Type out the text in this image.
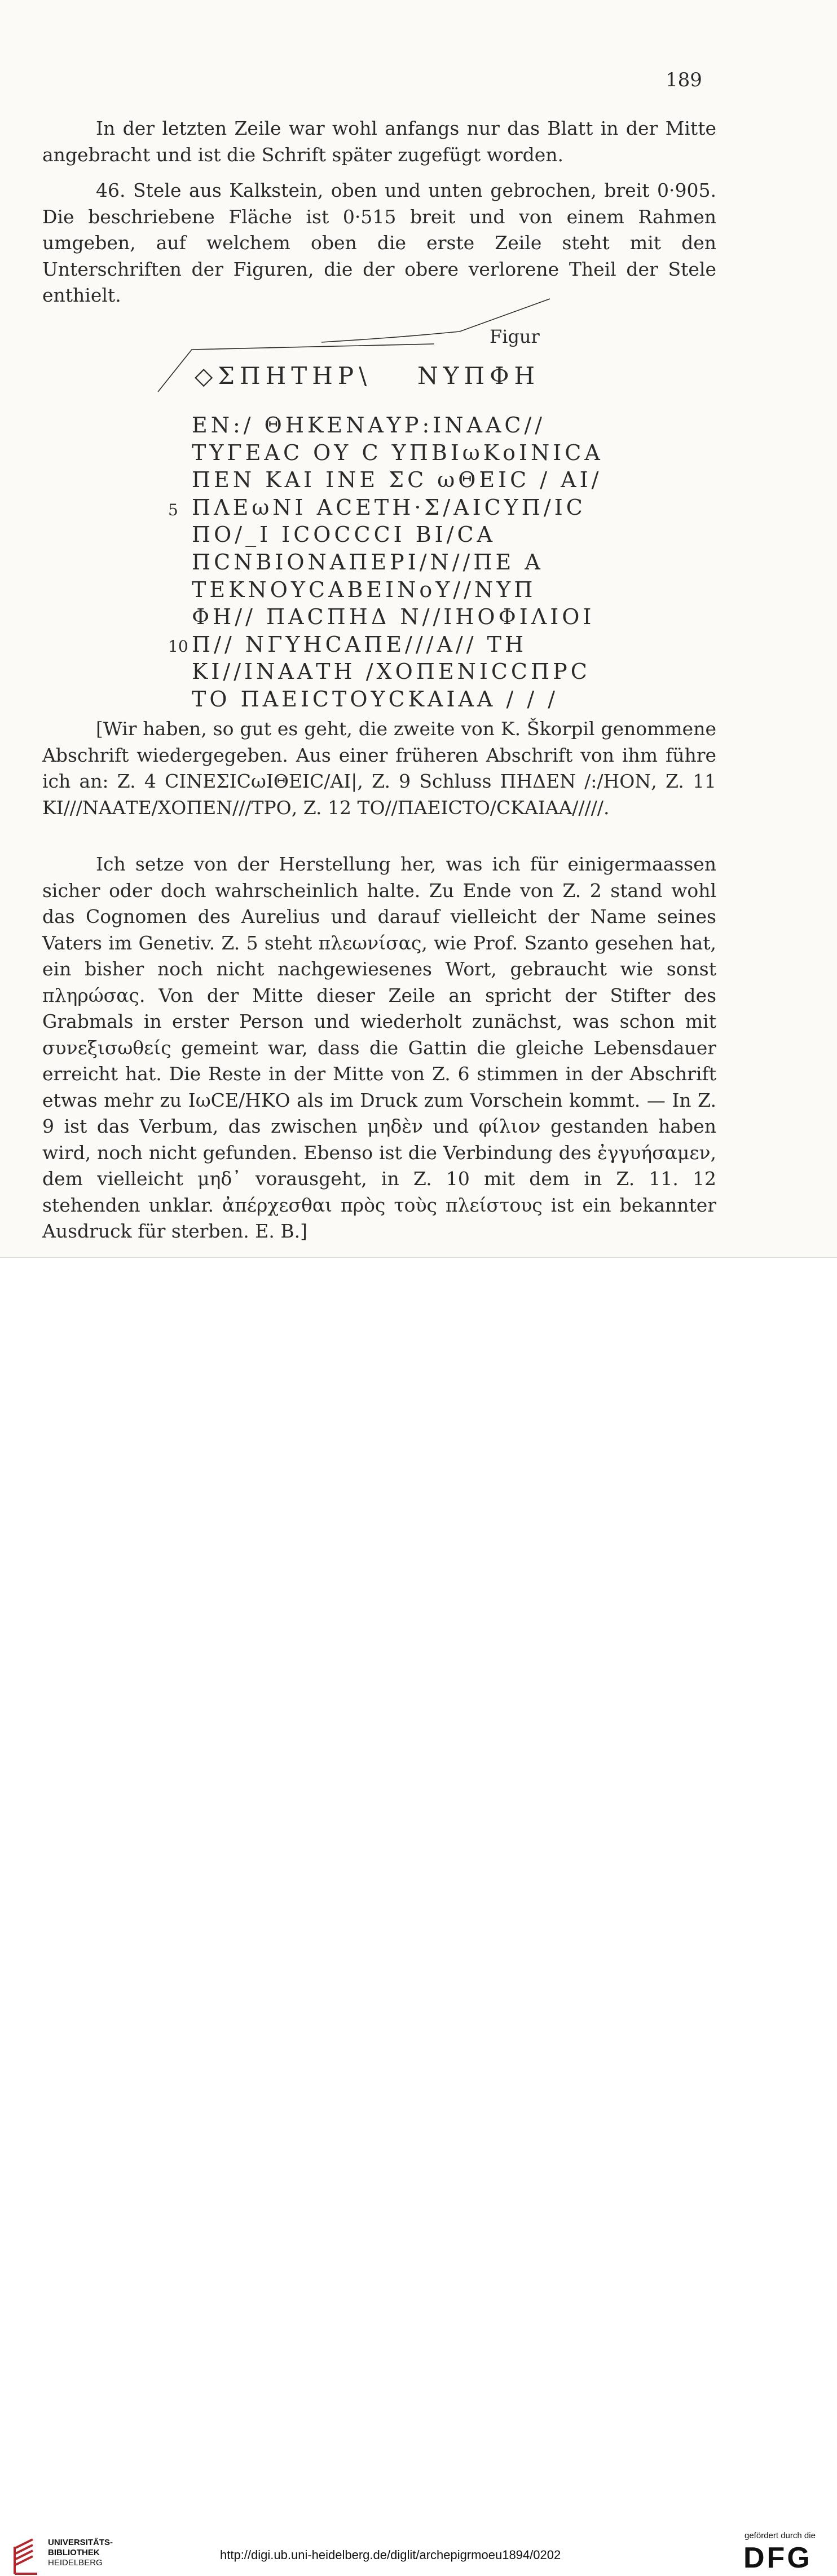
189

In der letzten Zeile war wohl anfangs nur das Blatt in der Mitte angebracht und ist die Schrift später zugefügt worden.

46. Stele aus Kalkstein, oben und unten gebrochen, breit 0·905. Die beschriebene Fläche ist 0·515 breit und von einem Rahmen umgeben, auf welchem oben die erste Zeile steht mit den Unterschriften der Figuren, die der obere verlorene Theil der Stele enthielt.

Figur
◇ΣΠΗΤΗΡ\ ΝΥΠΦΗ
ΕΝ:/ ΘΗΚΕΝΑΥΡ:ΙΝΑΑC//
ΤΥΓΕΑC ΟΥ C ΥΠΒΙωΚοΙΝΙCΑ
ΠΕΝ ΚΑΙ ΙΝΕ ΣC ωΘΕΙC / ΑΙ/
ΠΛΕωΝΙ ΑCΕΤΗ·Σ/ΑΙCΥΠ/ΙC
ΠΟ/_Ι ΙCΟCCCΙ ΒΙ/CΑ
ΠCΝΒΙΟΝΑΠΕΡΙ/Ν//ΠΕ Α
ΤΕΚΝΟΥCΑΒΕΙΝοΥ//ΝΥΠ
ΦΗ// ΠΑCΠΗΔ Ν//ΙΗΟΦΙΛΙΟΙ
Π// ΝΓΥΗCΑΠΕ///Α// ΤΗ
ΚΙ//ΙΝΑΑΤΗ /ΧΟΠΕΝΙCCΠΡC
ΤΟ ΠΑΕΙCΤΟΥCΚΑΙΑΑ / / /
5
10

[Wir haben, so gut es geht, die zweite von K. Škorpil genommene Abschrift wiedergegeben. Aus einer früheren Abschrift von ihm führe ich an: Z. 4 CΙΝΕΣΙCωΙΘΕΙC/ΑΙ|, Z. 9 Schluss ΠΗΔΕΝ /:/ΗΟΝ, Z. 11 ΚΙ///ΝΑΑΤΕ/ΧΟΠΕΝ///ΤΡΟ, Z. 12 ΤΟ//ΠΑΕΙCΤΟ/CΚΑΙΑΑ/////.

Ich setze von der Herstellung her, was ich für einigermaassen sicher oder doch wahrscheinlich halte. Zu Ende von Z. 2 stand wohl das Cognomen des Aurelius und darauf vielleicht der Name seines Vaters im Genetiv. Z. 5 steht πλεωνίσας, wie Prof. Szanto gesehen hat, ein bisher noch nicht nachgewiesenes Wort, gebraucht wie sonst πληρώσας. Von der Mitte dieser Zeile an spricht der Stifter des Grabmals in erster Person und wiederholt zunächst, was schon mit συνεξισωθείς gemeint war, dass die Gattin die gleiche Lebensdauer erreicht hat. Die Reste in der Mitte von Z. 6 stimmen in der Abschrift etwas mehr zu ΙωCΕ/ΗΚΟ als im Druck zum Vorschein kommt. — In Z. 9 ist das Verbum, das zwischen μηδὲν und φίλιον gestanden haben wird, noch nicht gefunden. Ebenso ist die Verbindung des ἐγγυήσαμεν, dem vielleicht μηδ᾽ vorausgeht, in Z. 10 mit dem in Z. 11. 12 stehenden unklar. ἀπέρχεσθαι πρὸς τοὺς πλείστους ist ein bekannter Ausdruck für sterben. E. B.]

UNIVERSITÄTS-
BIBLIOTHEK
HEIDELBERG
http://digi.ub.uni-heidelberg.de/diglit/archepigrmoeu1894/0202
gefördert durch die
DFG
